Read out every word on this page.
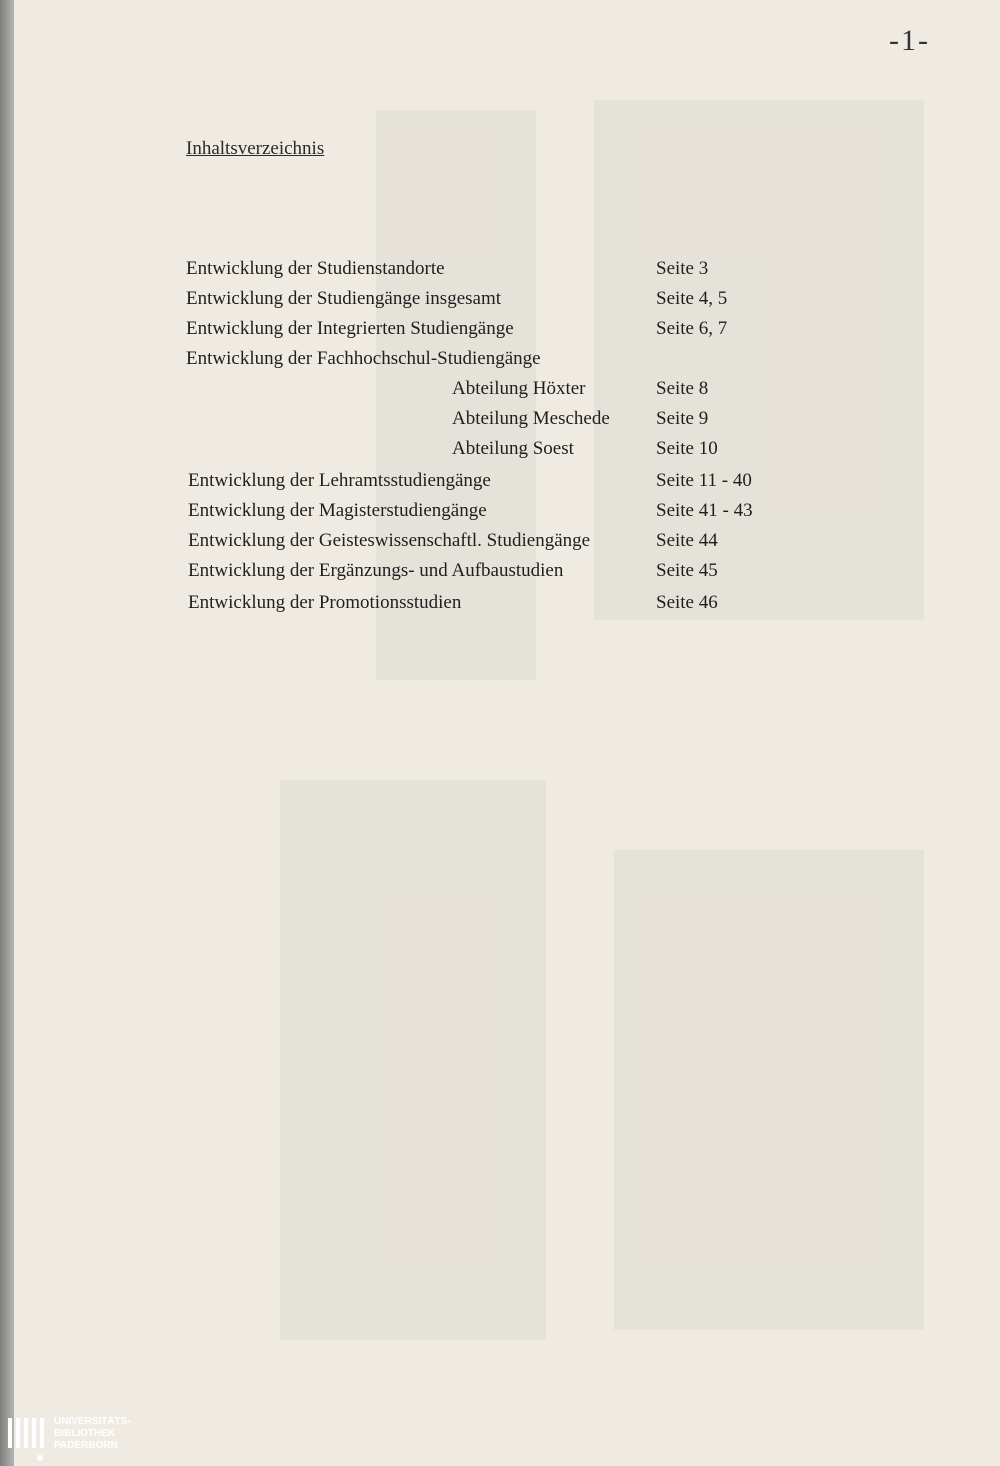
-1-
Inhaltsverzeichnis
Entwicklung der Studienstandorte	Seite 3
Entwicklung der Studiengänge insgesamt	Seite 4, 5
Entwicklung der Integrierten Studiengänge	Seite 6, 7
Entwicklung der Fachhochschul-Studiengänge
Abteilung Höxter	Seite 8
Abteilung Meschede Seite 9
Abteilung Soest	Seite 10
Entwicklung der Lehramtsstudiengänge	Seite 11 - 40
Entwicklung der Magisterstudiengänge	Seite 41 - 43
Entwicklung der Geisteswissenschaftl. Studiengänge	Seite 44
Entwicklung der Ergänzungs- und Aufbaustudien	Seite 45
Entwicklung der Promotionsstudien	Seite 46
UNIVERSITÄTS-
BIBLIOTHEK
PADERBORN
